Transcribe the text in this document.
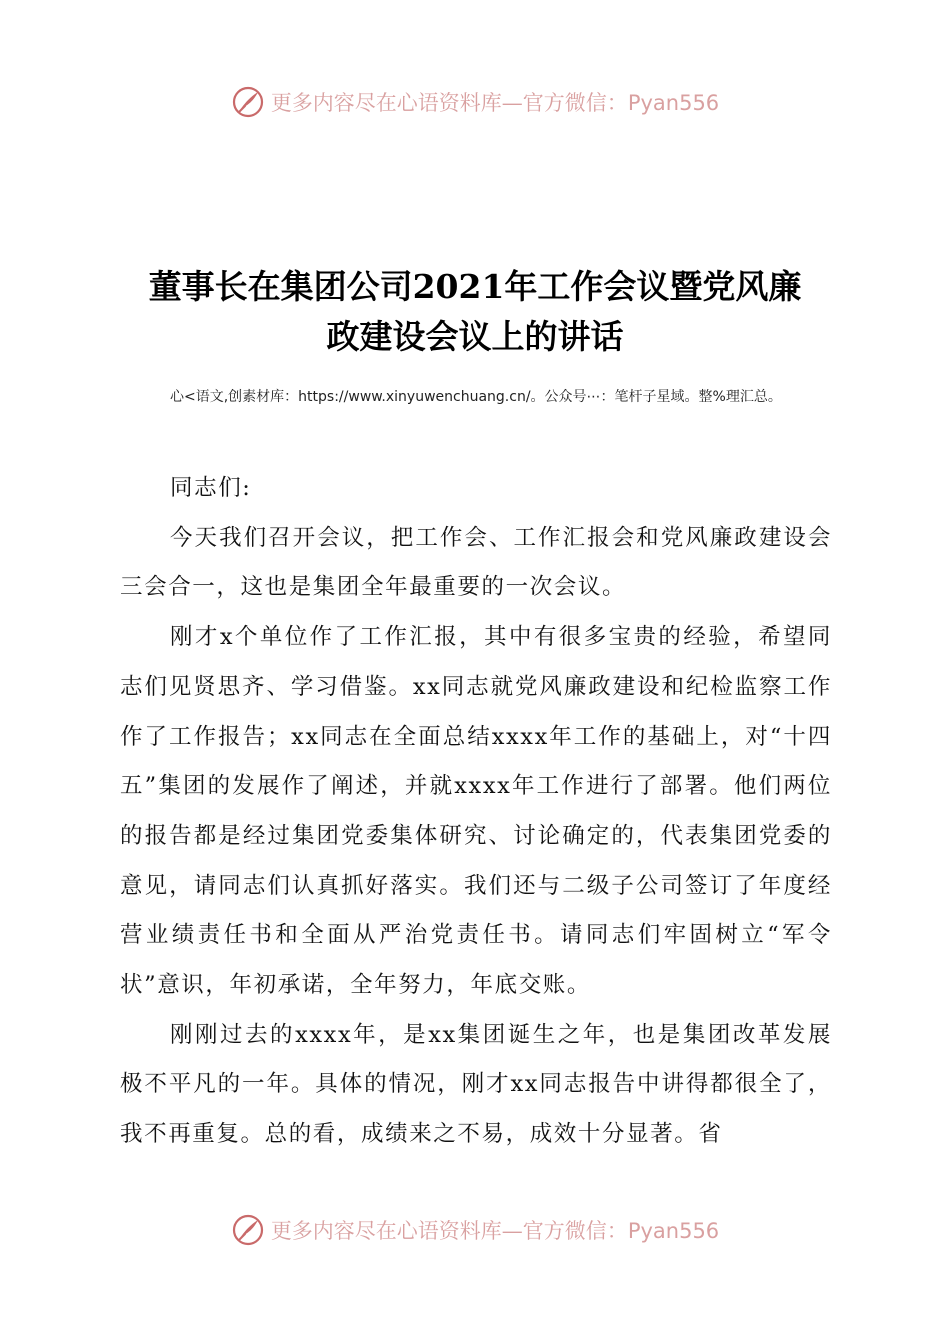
更多内容尽在心语资料库—官方微信：Pyan556
董事长在集团公司2021年工作会议暨党风廉
政建设会议上的讲话
心<语文,创素材库：https://www.xinyuwenchuang.cn/。公众号⋯：笔杆子星域。整%理汇总。

同志们:

今天我们召开会议，把工作会、工作汇报会和党风廉政建设会三会合一，这也是集团全年最重要的一次会议。

刚才x个单位作了工作汇报，其中有很多宝贵的经验，希望同志们见贤思齐、学习借鉴。xx同志就党风廉政建设和纪检监察工作作了工作报告；xx同志在全面总结xxxx年工作的基础上，对“十四五”集团的发展作了阐述，并就xxxx年工作进行了部署。他们两位的报告都是经过集团党委集体研究、讨论确定的，代表集团党委的意见，请同志们认真抓好落实。我们还与二级子公司签订了年度经营业绩责任书和全面从严治党责任书。请同志们牢固树立“军令状”意识，年初承诺，全年努力，年底交账。

刚刚过去的xxxx年，是xx集团诞生之年，也是集团改革发展极不平凡的一年。具体的情况，刚才xx同志报告中讲得都很全了，我不再重复。总的看，成绩来之不易，成效十分显著。省

更多内容尽在心语资料库—官方微信：Pyan556
